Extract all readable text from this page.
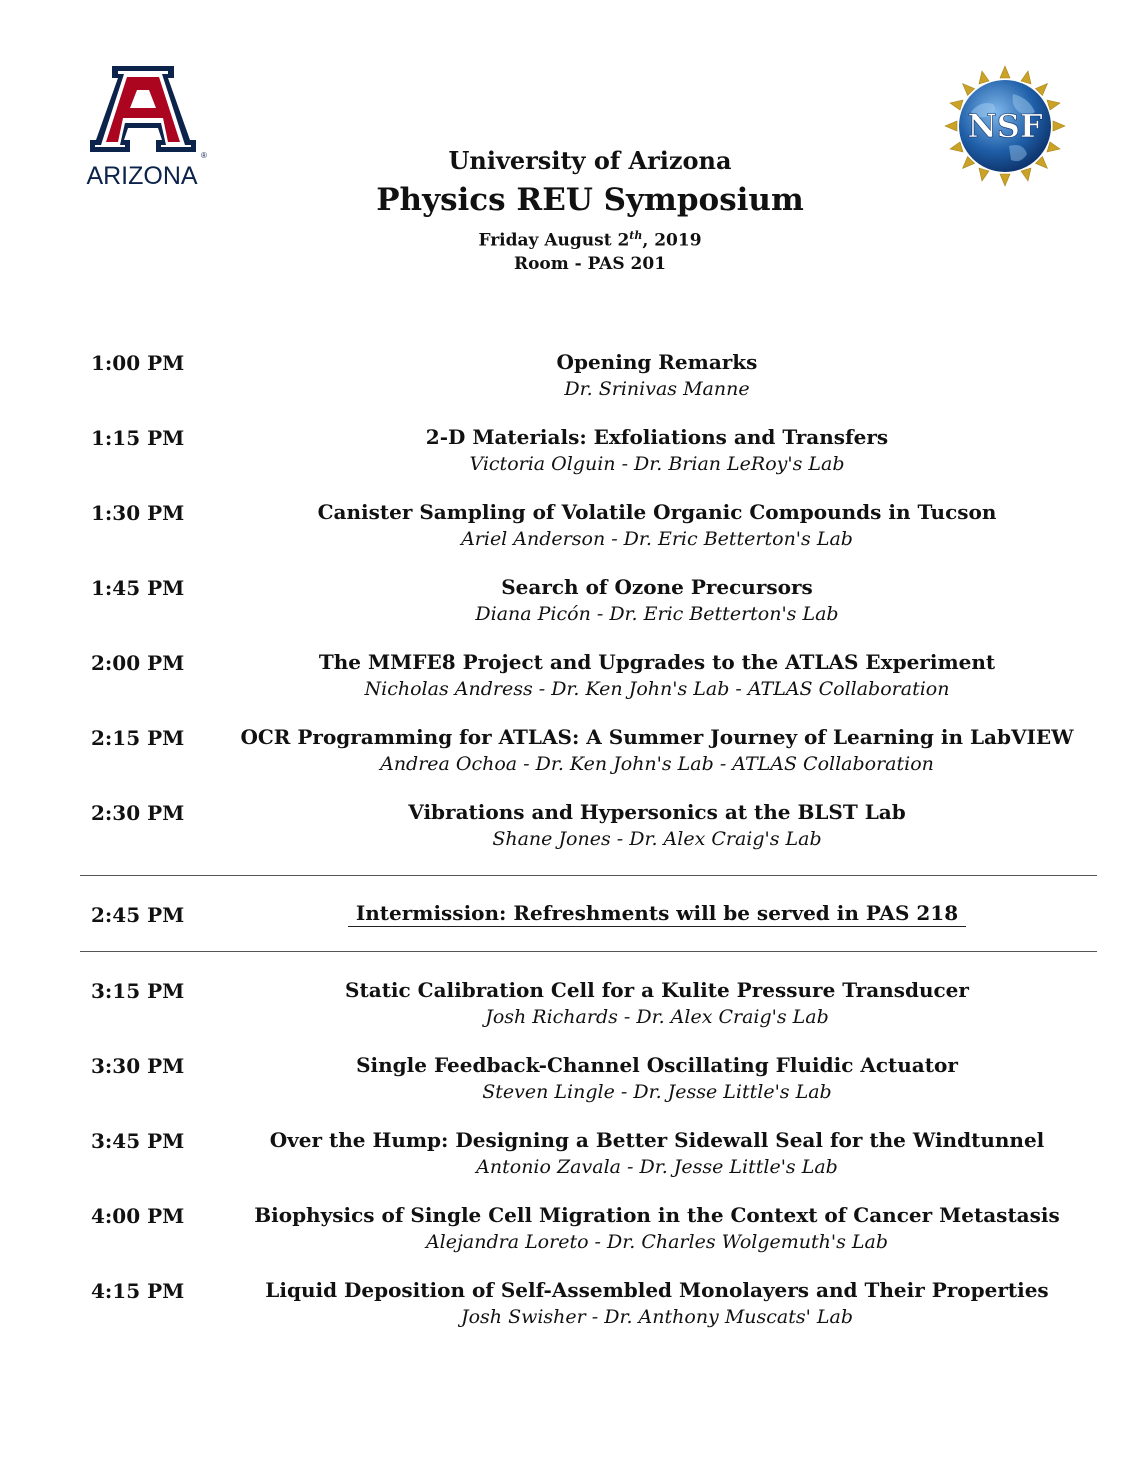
ARIZONA
®
NSF
University of Arizona
Physics REU Symposium
Friday August 2th, 2019
Room - PAS 201
1:00 PM	Opening Remarks
Dr. Srinivas Manne
1:15 PM	2-D Materials: Exfoliations and Transfers
Victoria Olguin - Dr. Brian LeRoy's Lab
1:30 PM	Canister Sampling of Volatile Organic Compounds in Tucson
Ariel Anderson - Dr. Eric Betterton's Lab
1:45 PM	Search of Ozone Precursors
Diana Picón - Dr. Eric Betterton's Lab
2:00 PM	The MMFE8 Project and Upgrades to the ATLAS Experiment
Nicholas Andress - Dr. Ken John's Lab - ATLAS Collaboration
2:15 PM	OCR Programming for ATLAS: A Summer Journey of Learning in LabVIEW
Andrea Ochoa - Dr. Ken John's Lab - ATLAS Collaboration
2:30 PM	Vibrations and Hypersonics at the BLST Lab
Shane Jones - Dr. Alex Craig's Lab
2:45 PM	Intermission: Refreshments will be served in PAS 218
3:15 PM	Static Calibration Cell for a Kulite Pressure Transducer
Josh Richards - Dr. Alex Craig's Lab
3:30 PM	Single Feedback-Channel Oscillating Fluidic Actuator
Steven Lingle - Dr. Jesse Little's Lab
3:45 PM	Over the Hump: Designing a Better Sidewall Seal for the Windtunnel
Antonio Zavala - Dr. Jesse Little's Lab
4:00 PM	Biophysics of Single Cell Migration in the Context of Cancer Metastasis
Alejandra Loreto - Dr. Charles Wolgemuth's Lab
4:15 PM	Liquid Deposition of Self-Assembled Monolayers and Their Properties
Josh Swisher - Dr. Anthony Muscats' Lab
